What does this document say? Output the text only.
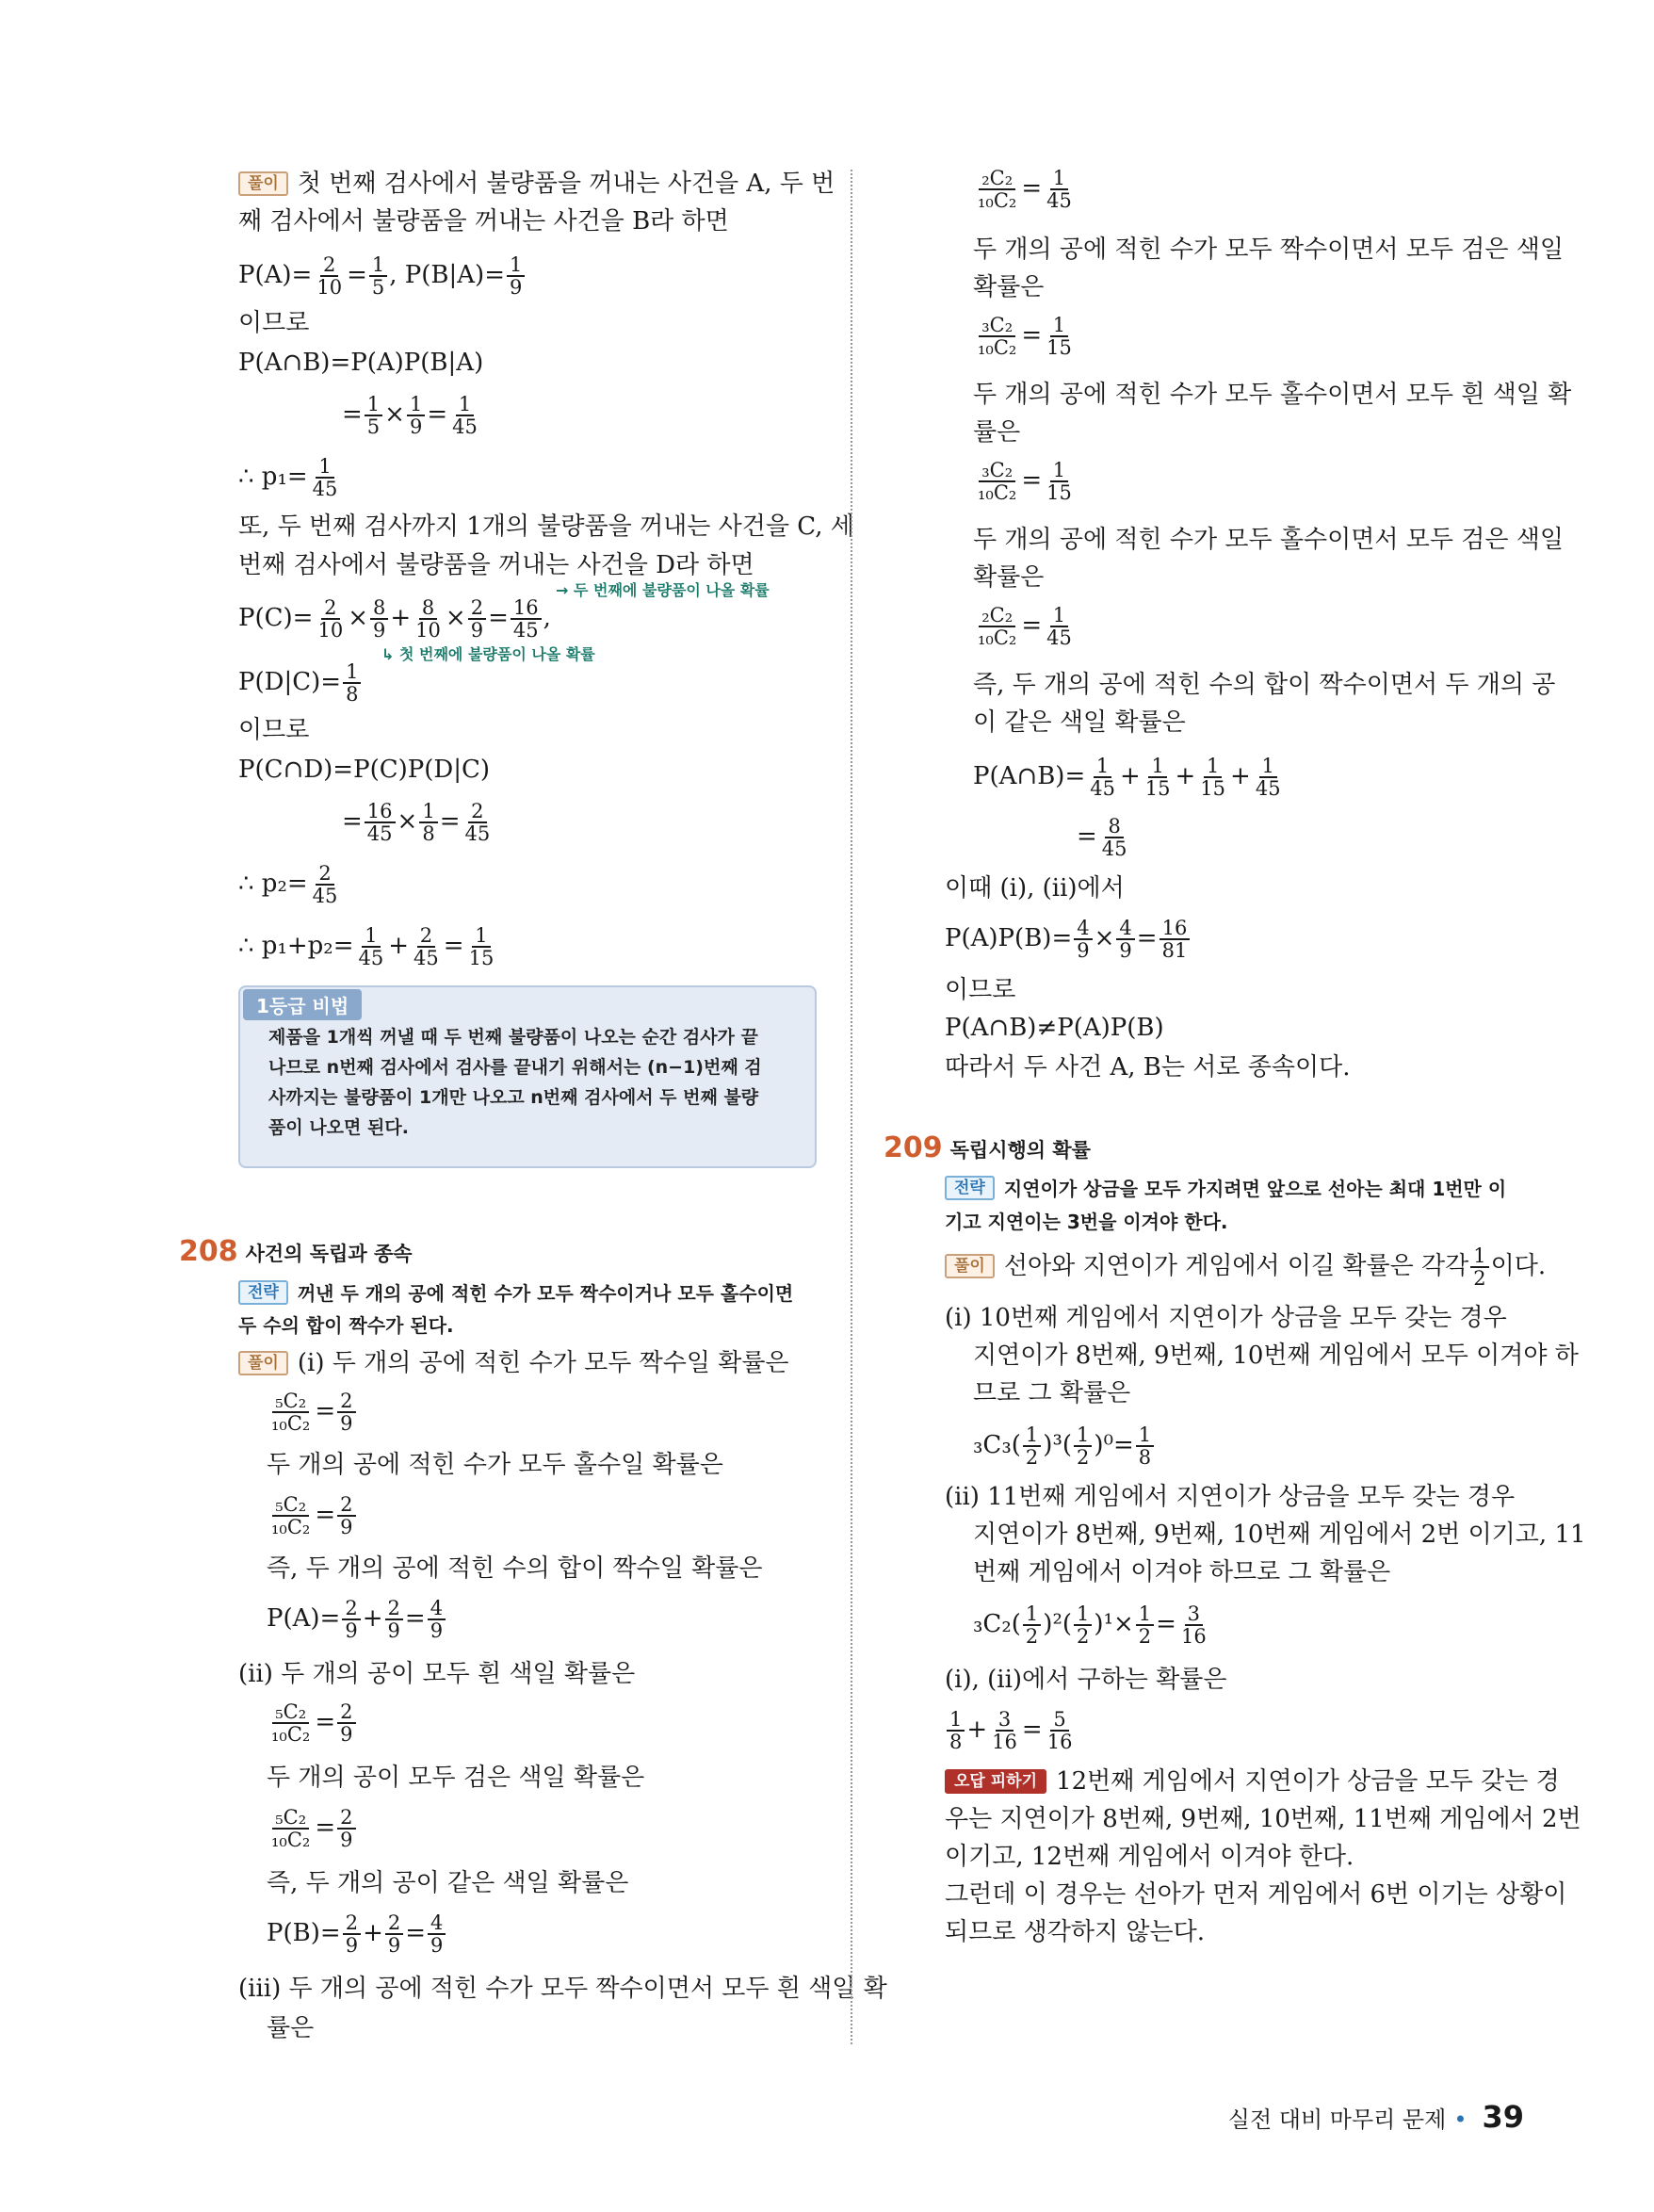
풀이 첫 번째 검사에서 불량품을 꺼내는 사건을 A, 두 번
째 검사에서 불량품을 꺼내는 사건을 B라 하면
$P(A)= \frac{2}{10} = \frac{1}{5}$ , $P(B|A)= \frac{1}{9}$
이므로
P(A∩B)=P(A)P(B|A)
= $\frac{1}{5} \times \frac{1}{9} = \frac{1}{45}$
∴ $p_1= \frac{1}{45}$
또, 두 번째 검사까지 1개의 불량품을 꺼내는 사건을 C, 세
번째 검사에서 불량품을 꺼내는 사건을 D라 하면
→ 두 번째에 불량품이 나올 확률
$P(C)= \frac{2}{10} \times \frac{8}{9} + \frac{8}{10} \times \frac{2}{9} = \frac{16}{45}$ ,
↳ 첫 번째에 불량품이 나올 확률
$P(D|C)= \frac{1}{8}$
이므로
P(C∩D)=P(C)P(D|C)
= $\frac{16}{45} \times \frac{1}{8} = \frac{2}{45}$
∴ $p_2= \frac{2}{45}$
∴ $p_1+p_2= \frac{1}{45} + \frac{2}{45} = \frac{1}{15}$
1등급 비법
제품을 1개씩 꺼낼 때 두 번째 불량품이 나오는 순간 검사가 끝
나므로 n번째 검사에서 검사를 끝내기 위해서는 (n−1)번째 검
사까지는 불량품이 1개만 나오고 n번째 검사에서 두 번째 불량
품이 나오면 된다.
208 사건의 독립과 종속
전략 꺼낸 두 개의 공에 적힌 수가 모두 짝수이거나 모두 홀수이면
두 수의 합이 짝수가 된다.
풀이 (i) 두 개의 공에 적힌 수가 모두 짝수일 확률은
$\frac{\text{₅C₂}}{\text{₁₀C₂}} = \frac{2}{9}$
두 개의 공에 적힌 수가 모두 홀수일 확률은
$\frac{\text{₅C₂}}{\text{₁₀C₂}} = \frac{2}{9}$
즉, 두 개의 공에 적힌 수의 합이 짝수일 확률은
$P(A)= \frac{2}{9} + \frac{2}{9} = \frac{4}{9}$
(ii) 두 개의 공이 모두 흰 색일 확률은
$\frac{\text{₅C₂}}{\text{₁₀C₂}} = \frac{2}{9}$
두 개의 공이 모두 검은 색일 확률은
$\frac{\text{₅C₂}}{\text{₁₀C₂}} = \frac{2}{9}$
즉, 두 개의 공이 같은 색일 확률은
$P(B)= \frac{2}{9} + \frac{2}{9} = \frac{4}{9}$
(iii) 두 개의 공에 적힌 수가 모두 짝수이면서 모두 흰 색일 확
률은
$\frac{\text{₂C₂}}{\text{₁₀C₂}} = \frac{1}{45}$
두 개의 공에 적힌 수가 모두 짝수이면서 모두 검은 색일
확률은
$\frac{\text{₃C₂}}{\text{₁₀C₂}} = \frac{1}{15}$
두 개의 공에 적힌 수가 모두 홀수이면서 모두 흰 색일 확
률은
$\frac{\text{₃C₂}}{\text{₁₀C₂}} = \frac{1}{15}$
두 개의 공에 적힌 수가 모두 홀수이면서 모두 검은 색일
확률은
$\frac{\text{₂C₂}}{\text{₁₀C₂}} = \frac{1}{45}$
즉, 두 개의 공에 적힌 수의 합이 짝수이면서 두 개의 공
이 같은 색일 확률은
P(A∩B)= $\frac{1}{45} + \frac{1}{15} + \frac{1}{15} + \frac{1}{45}$
= $\frac{8}{45}$
이때 (i), (ii)에서
$P(A)P(B)= \frac{4}{9} \times \frac{4}{9} = \frac{16}{81}$
이므로
P(A∩B)≠P(A)P(B)
따라서 두 사건 A, B는 서로 종속이다.
209 독립시행의 확률
전략 지연이가 상금을 모두 가지려면 앞으로 선아는 최대 1번만 이
기고 지연이는 3번을 이겨야 한다.
풀이 선아와 지연이가 게임에서 이길 확률은 각각 $\frac{1}{2}$ 이다.
(i) 10번째 게임에서 지연이가 상금을 모두 갖는 경우
지연이가 8번째, 9번째, 10번째 게임에서 모두 이겨야 하
므로 그 확률은
$_3C_3( \frac{1}{2} )^3( \frac{1}{2} )^0= \frac{1}{8}$
(ii) 11번째 게임에서 지연이가 상금을 모두 갖는 경우
지연이가 8번째, 9번째, 10번째 게임에서 2번 이기고, 11
번째 게임에서 이겨야 하므로 그 확률은
$_3C_2( \frac{1}{2} )^2( \frac{1}{2} )^1\times \frac{1}{2} = \frac{3}{16}$
(i), (ii)에서 구하는 확률은
$\frac{1}{8} + \frac{3}{16} = \frac{5}{16}$
오답 피하기 12번째 게임에서 지연이가 상금을 모두 갖는 경
우는 지연이가 8번째, 9번째, 10번째, 11번째 게임에서 2번
이기고, 12번째 게임에서 이겨야 한다.
그런데 이 경우는 선아가 먼저 게임에서 6번 이기는 상황이
되므로 생각하지 않는다.
실전 대비 마무리 문제 • 39
